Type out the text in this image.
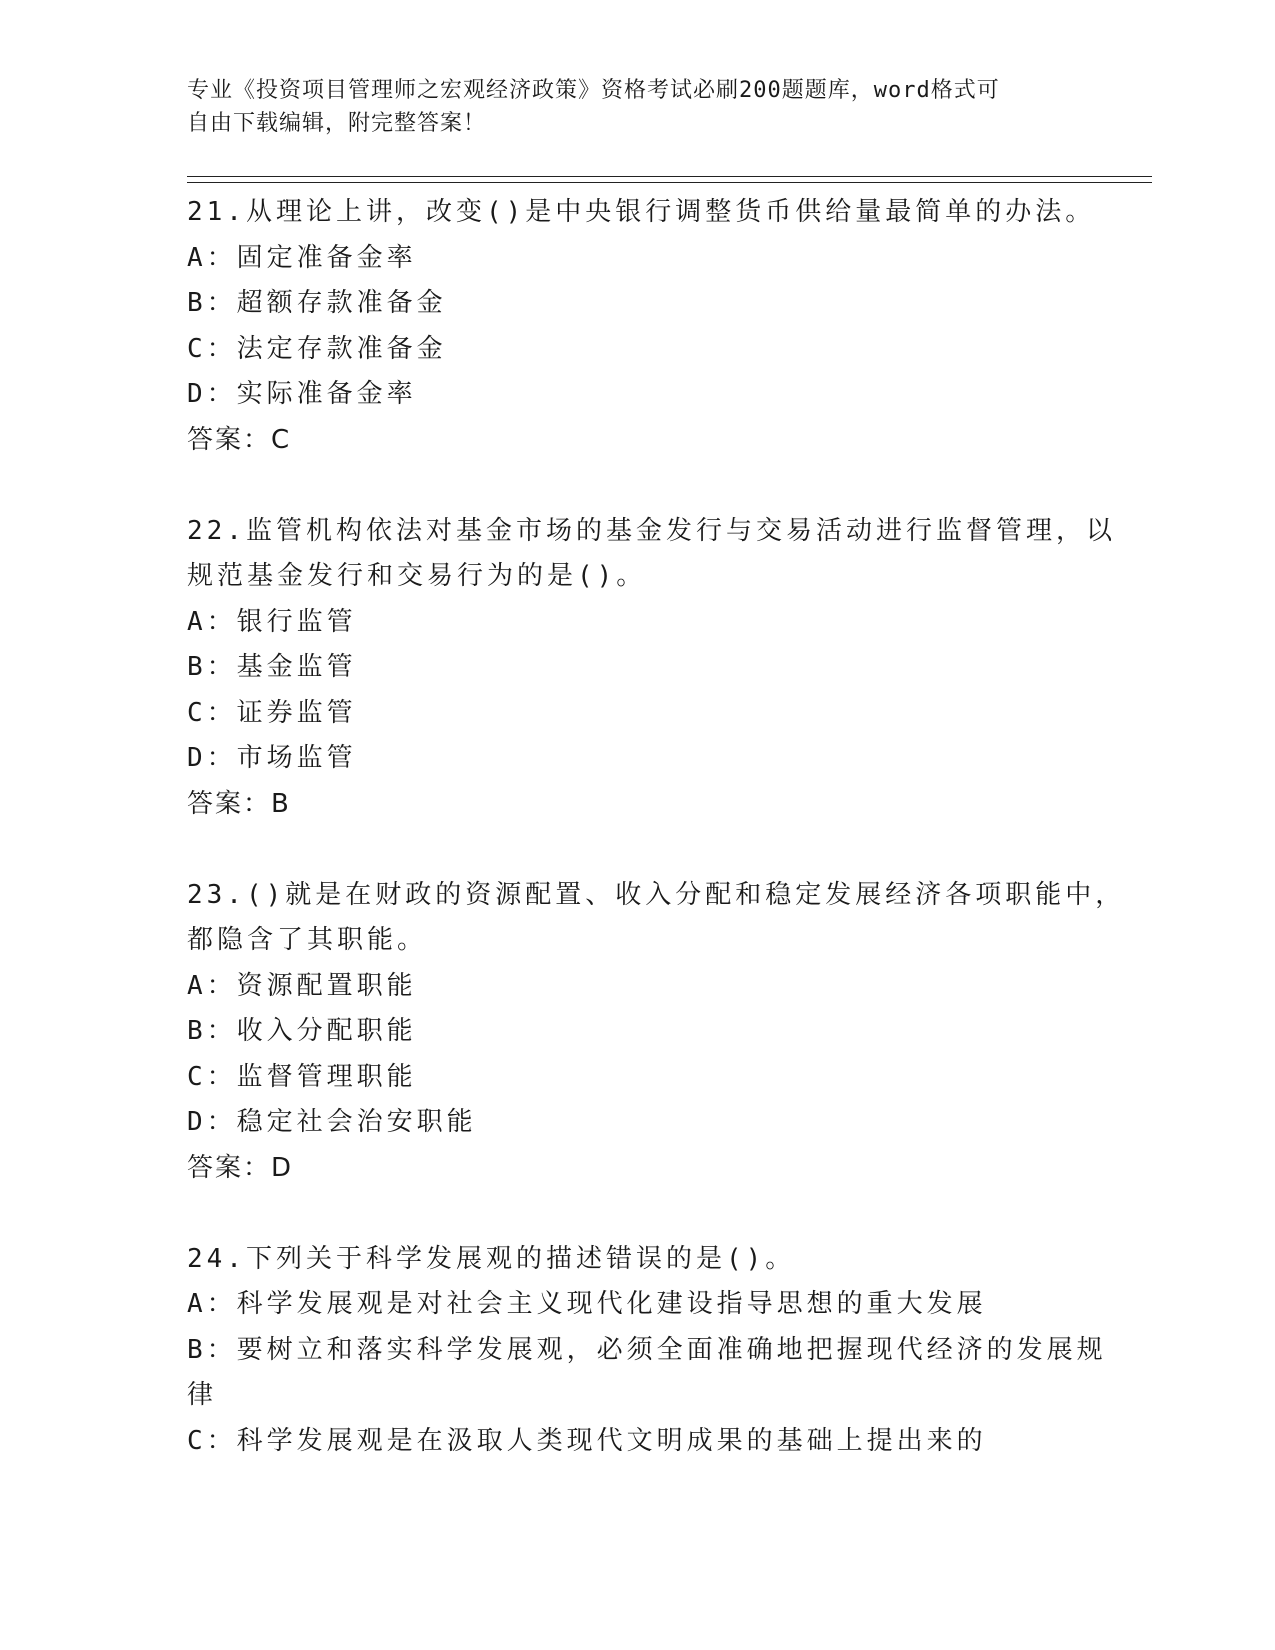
专业《投资项目管理师之宏观经济政策》资格考试必刷200题题库，word格式可
自由下载编辑，附完整答案！
21.从理论上讲，改变()是中央银行调整货币供给量最简单的办法。
A：固定准备金率
B：超额存款准备金
C：法定存款准备金
D：实际准备金率
答案：C
22.监管机构依法对基金市场的基金发行与交易活动进行监督管理，以
规范基金发行和交易行为的是()。
A：银行监管
B：基金监管
C：证券监管
D：市场监管
答案：B
23.()就是在财政的资源配置、收入分配和稳定发展经济各项职能中，
都隐含了其职能。
A：资源配置职能
B：收入分配职能
C：监督管理职能
D：稳定社会治安职能
答案：D
24.下列关于科学发展观的描述错误的是()。
A：科学发展观是对社会主义现代化建设指导思想的重大发展
B：要树立和落实科学发展观，必须全面准确地把握现代经济的发展规
律
C：科学发展观是在汲取人类现代文明成果的基础上提出来的
